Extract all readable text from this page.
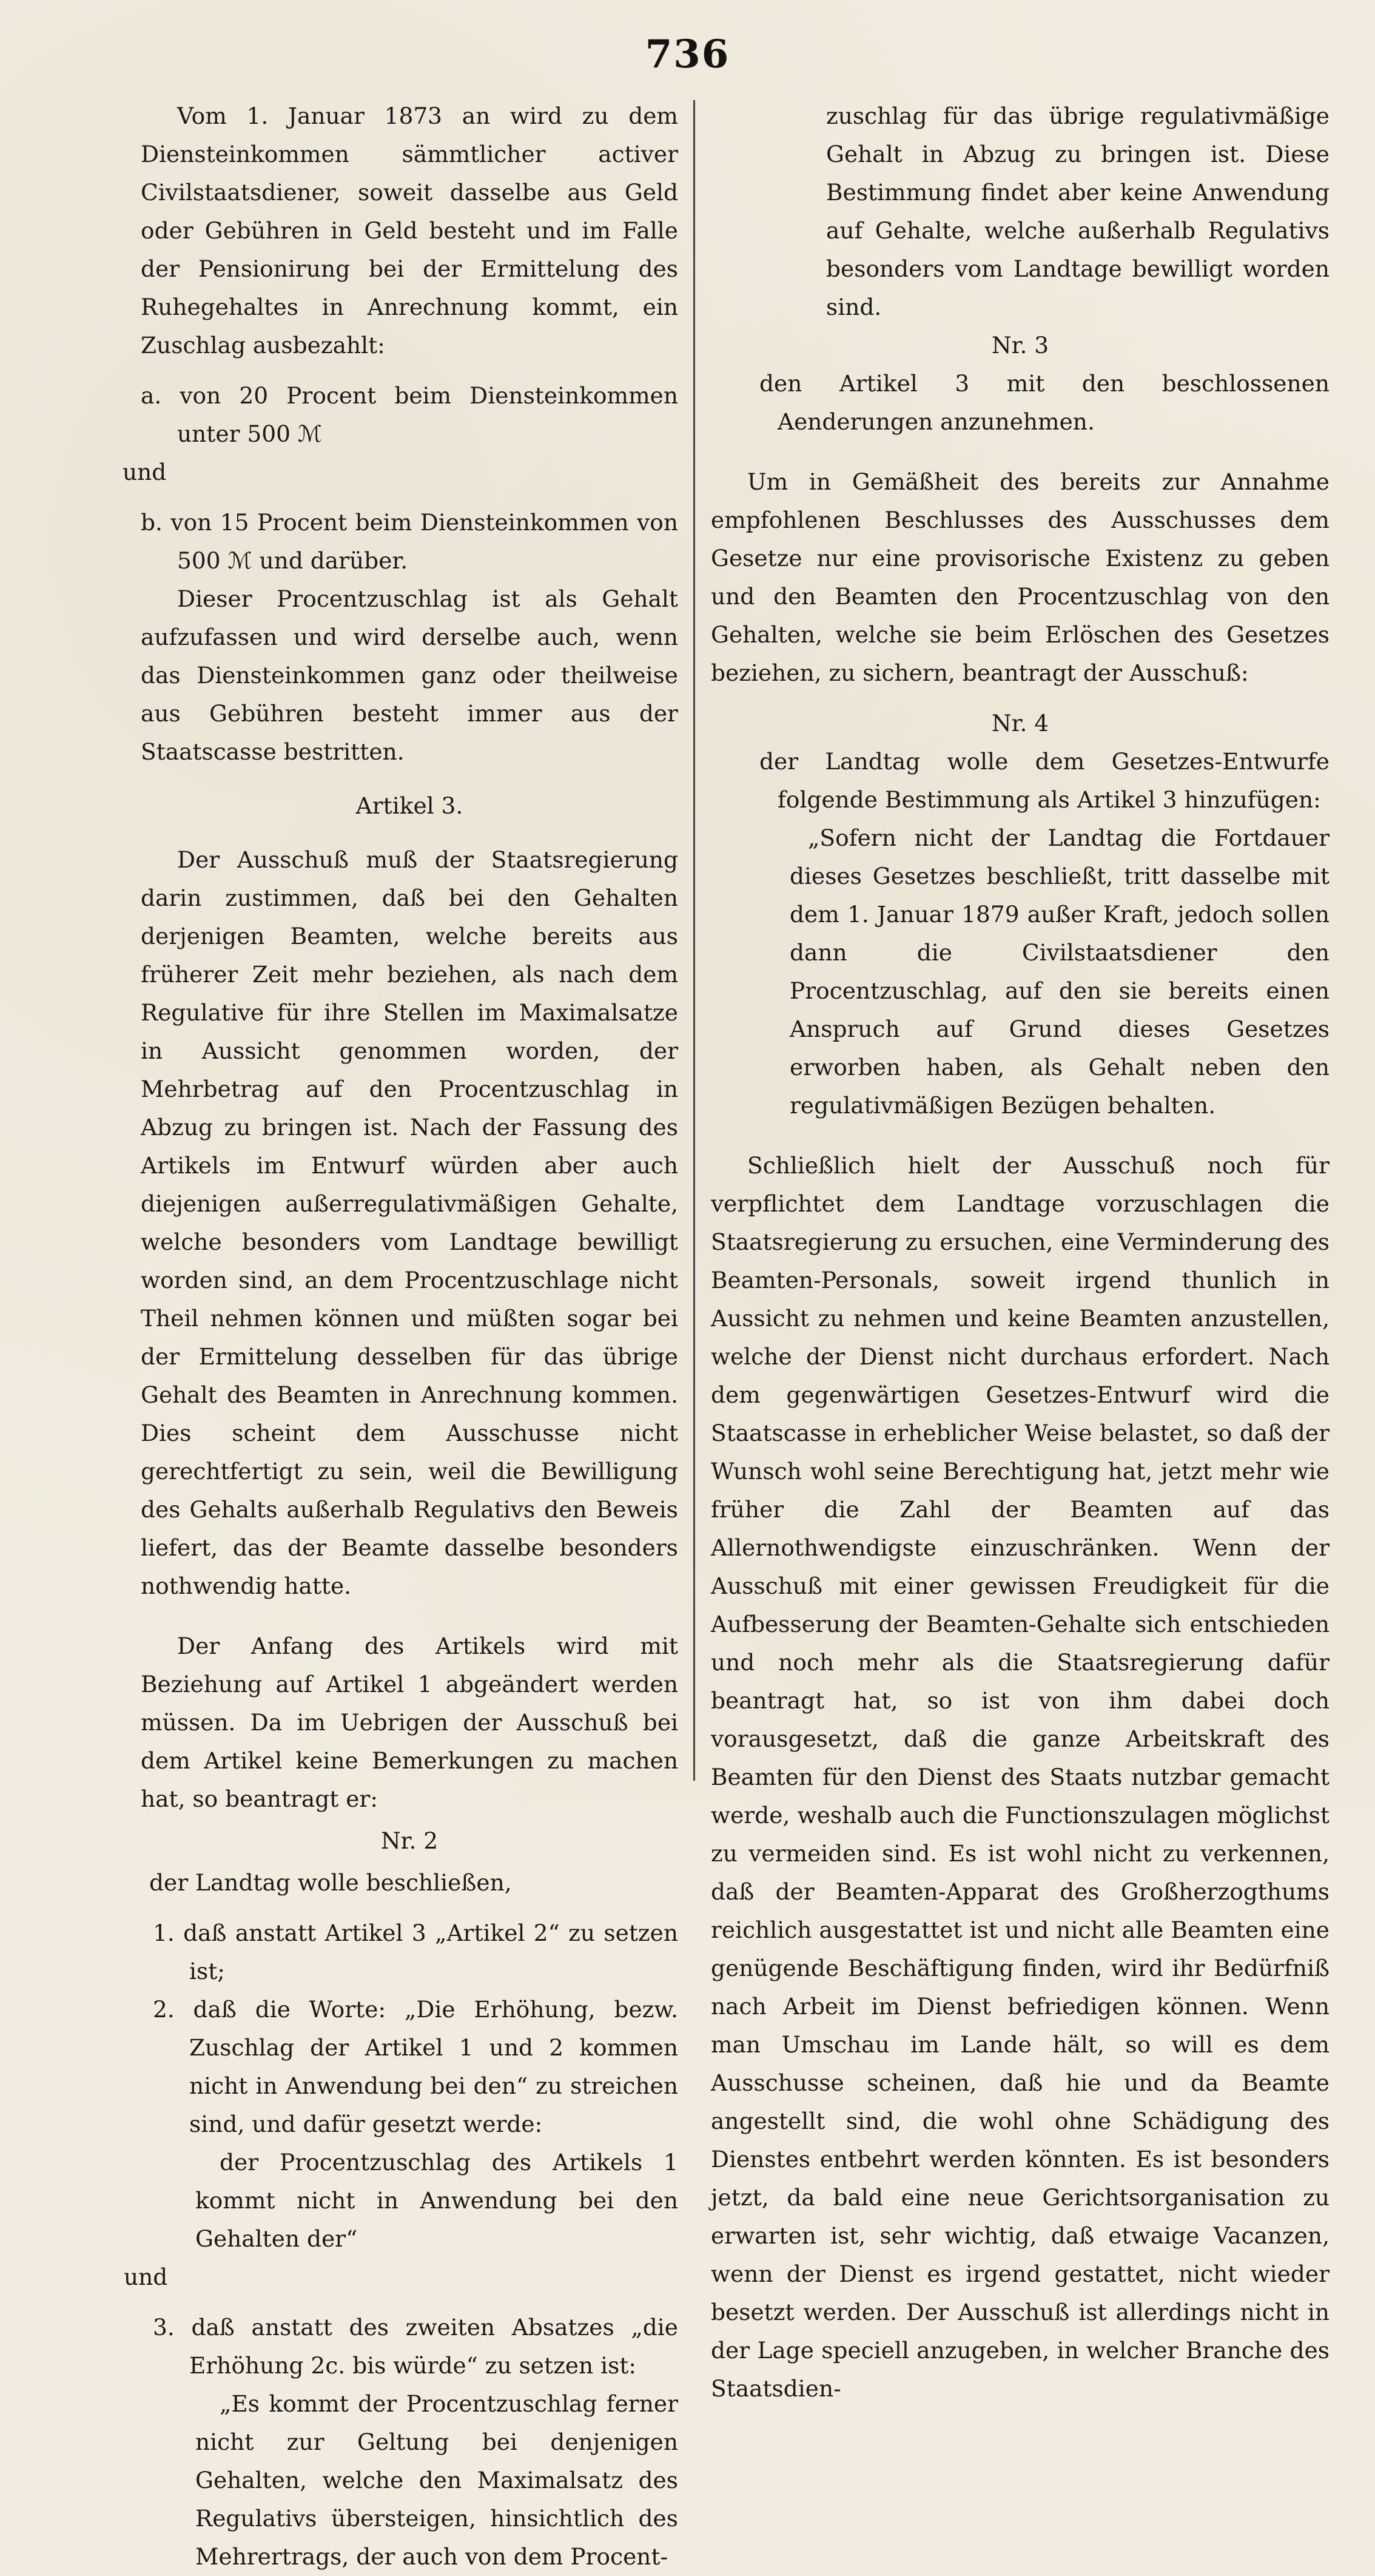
736

Vom 1. Januar 1873 an wird zu dem Diensteinkommen sämmtlicher activer Civilstaatsdiener, soweit dasselbe aus Geld oder Gebühren in Geld besteht und im Falle der Pensionirung bei der Ermittelung des Ruhegehaltes in Anrechnung kommt, ein Zuschlag ausbezahlt:

a. von 20 Procent beim Diensteinkommen unter 500 ℳ

und

b. von 15 Procent beim Diensteinkommen von 500 ℳ und darüber.

Dieser Procentzuschlag ist als Gehalt aufzufassen und wird derselbe auch, wenn das Diensteinkommen ganz oder theilweise aus Gebühren besteht immer aus der Staatscasse bestritten.

Artikel 3.

Der Ausschuß muß der Staatsregierung darin zustimmen, daß bei den Gehalten derjenigen Beamten, welche bereits aus früherer Zeit mehr beziehen, als nach dem Regulative für ihre Stellen im Maximalsatze in Aussicht genommen worden, der Mehrbetrag auf den Procentzuschlag in Abzug zu bringen ist. Nach der Fassung des Artikels im Entwurf würden aber auch diejenigen außerregulativmäßigen Gehalte, welche besonders vom Landtage bewilligt worden sind, an dem Procentzuschlage nicht Theil nehmen können und müßten sogar bei der Ermittelung desselben für das übrige Gehalt des Beamten in Anrechnung kommen. Dies scheint dem Ausschusse nicht gerechtfertigt zu sein, weil die Bewilligung des Gehalts außerhalb Regulativs den Beweis liefert, das der Beamte dasselbe besonders nothwendig hatte.

Der Anfang des Artikels wird mit Beziehung auf Artikel 1 abgeändert werden müssen. Da im Uebrigen der Ausschuß bei dem Artikel keine Bemerkungen zu machen hat, so beantragt er:

Nr. 2

der Landtag wolle beschließen,

1. daß anstatt Artikel 3 „Artikel 2“ zu setzen ist;

2. daß die Worte: „Die Erhöhung, bezw. Zuschlag der Artikel 1 und 2 kommen nicht in Anwendung bei den“ zu streichen sind, und dafür gesetzt werde:

der Procentzuschlag des Artikels 1 kommt nicht in Anwendung bei den Gehalten der“

und

3. daß anstatt des zweiten Absatzes „die Erhöhung 2c. bis würde“ zu setzen ist:

„Es kommt der Procentzuschlag ferner nicht zur Geltung bei denjenigen Gehalten, welche den Maximalsatz des Regulativs übersteigen, hinsichtlich des Mehrertrags, der auch von dem Procent-

zuschlag für das übrige regulativmäßige Gehalt in Abzug zu bringen ist. Diese Bestimmung findet aber keine Anwendung auf Gehalte, welche außerhalb Regulativs besonders vom Landtage bewilligt worden sind.

Nr. 3

den Artikel 3 mit den beschlossenen Aenderungen anzunehmen.

Um in Gemäßheit des bereits zur Annahme empfohlenen Beschlusses des Ausschusses dem Gesetze nur eine provisorische Existenz zu geben und den Beamten den Procentzuschlag von den Gehalten, welche sie beim Erlöschen des Gesetzes beziehen, zu sichern, beantragt der Ausschuß:

Nr. 4

der Landtag wolle dem Gesetzes-Entwurfe folgende Bestimmung als Artikel 3 hinzufügen:

„Sofern nicht der Landtag die Fortdauer dieses Gesetzes beschließt, tritt dasselbe mit dem 1. Januar 1879 außer Kraft, jedoch sollen dann die Civilstaatsdiener den Procentzuschlag, auf den sie bereits einen Anspruch auf Grund dieses Gesetzes erworben haben, als Gehalt neben den regulativmäßigen Bezügen behalten.

Schließlich hielt der Ausschuß noch für verpflichtet dem Landtage vorzuschlagen die Staatsregierung zu ersuchen, eine Verminderung des Beamten-Personals, soweit irgend thunlich in Aussicht zu nehmen und keine Beamten anzustellen, welche der Dienst nicht durchaus erfordert. Nach dem gegenwärtigen Gesetzes-Entwurf wird die Staatscasse in erheblicher Weise belastet, so daß der Wunsch wohl seine Berechtigung hat, jetzt mehr wie früher die Zahl der Beamten auf das Allernothwendigste einzuschränken. Wenn der Ausschuß mit einer gewissen Freudigkeit für die Aufbesserung der Beamten-Gehalte sich entschieden und noch mehr als die Staatsregierung dafür beantragt hat, so ist von ihm dabei doch vorausgesetzt, daß die ganze Arbeitskraft des Beamten für den Dienst des Staats nutzbar gemacht werde, weshalb auch die Functionszulagen möglichst zu vermeiden sind. Es ist wohl nicht zu verkennen, daß der Beamten-Apparat des Großherzogthums reichlich ausgestattet ist und nicht alle Beamten eine genügende Beschäftigung finden, wird ihr Bedürfniß nach Arbeit im Dienst befriedigen können. Wenn man Umschau im Lande hält, so will es dem Ausschusse scheinen, daß hie und da Beamte angestellt sind, die wohl ohne Schädigung des Dienstes entbehrt werden könnten. Es ist besonders jetzt, da bald eine neue Gerichtsorganisation zu erwarten ist, sehr wichtig, daß etwaige Vacanzen, wenn der Dienst es irgend gestattet, nicht wieder besetzt werden. Der Ausschuß ist allerdings nicht in der Lage speciell anzugeben, in welcher Branche des Staatsdien-
